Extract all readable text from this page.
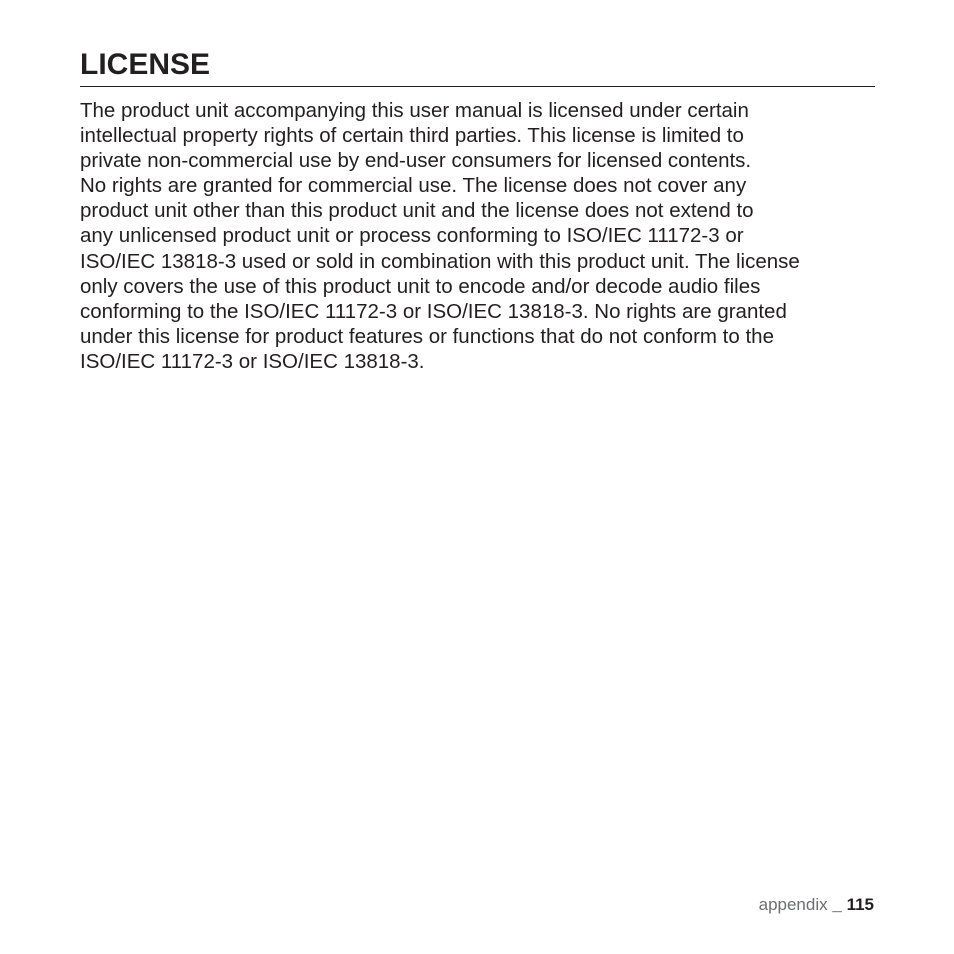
LICENSE
The product unit accompanying this user manual is licensed under certain
intellectual property rights of certain third parties. This license is limited to
private non-commercial use by end-user consumers for licensed contents.
No rights are granted for commercial use. The license does not cover any
product unit other than this product unit and the license does not extend to
any unlicensed product unit or process conforming to ISO/IEC 11172-3 or
ISO/IEC 13818-3 used or sold in combination with this product unit. The license
only covers the use of this product unit to encode and/or decode audio files
conforming to the ISO/IEC 11172-3 or ISO/IEC 13818-3. No rights are granted
under this license for product features or functions that do not conform to the
ISO/IEC 11172-3 or ISO/IEC 13818-3.
appendix _ 115
